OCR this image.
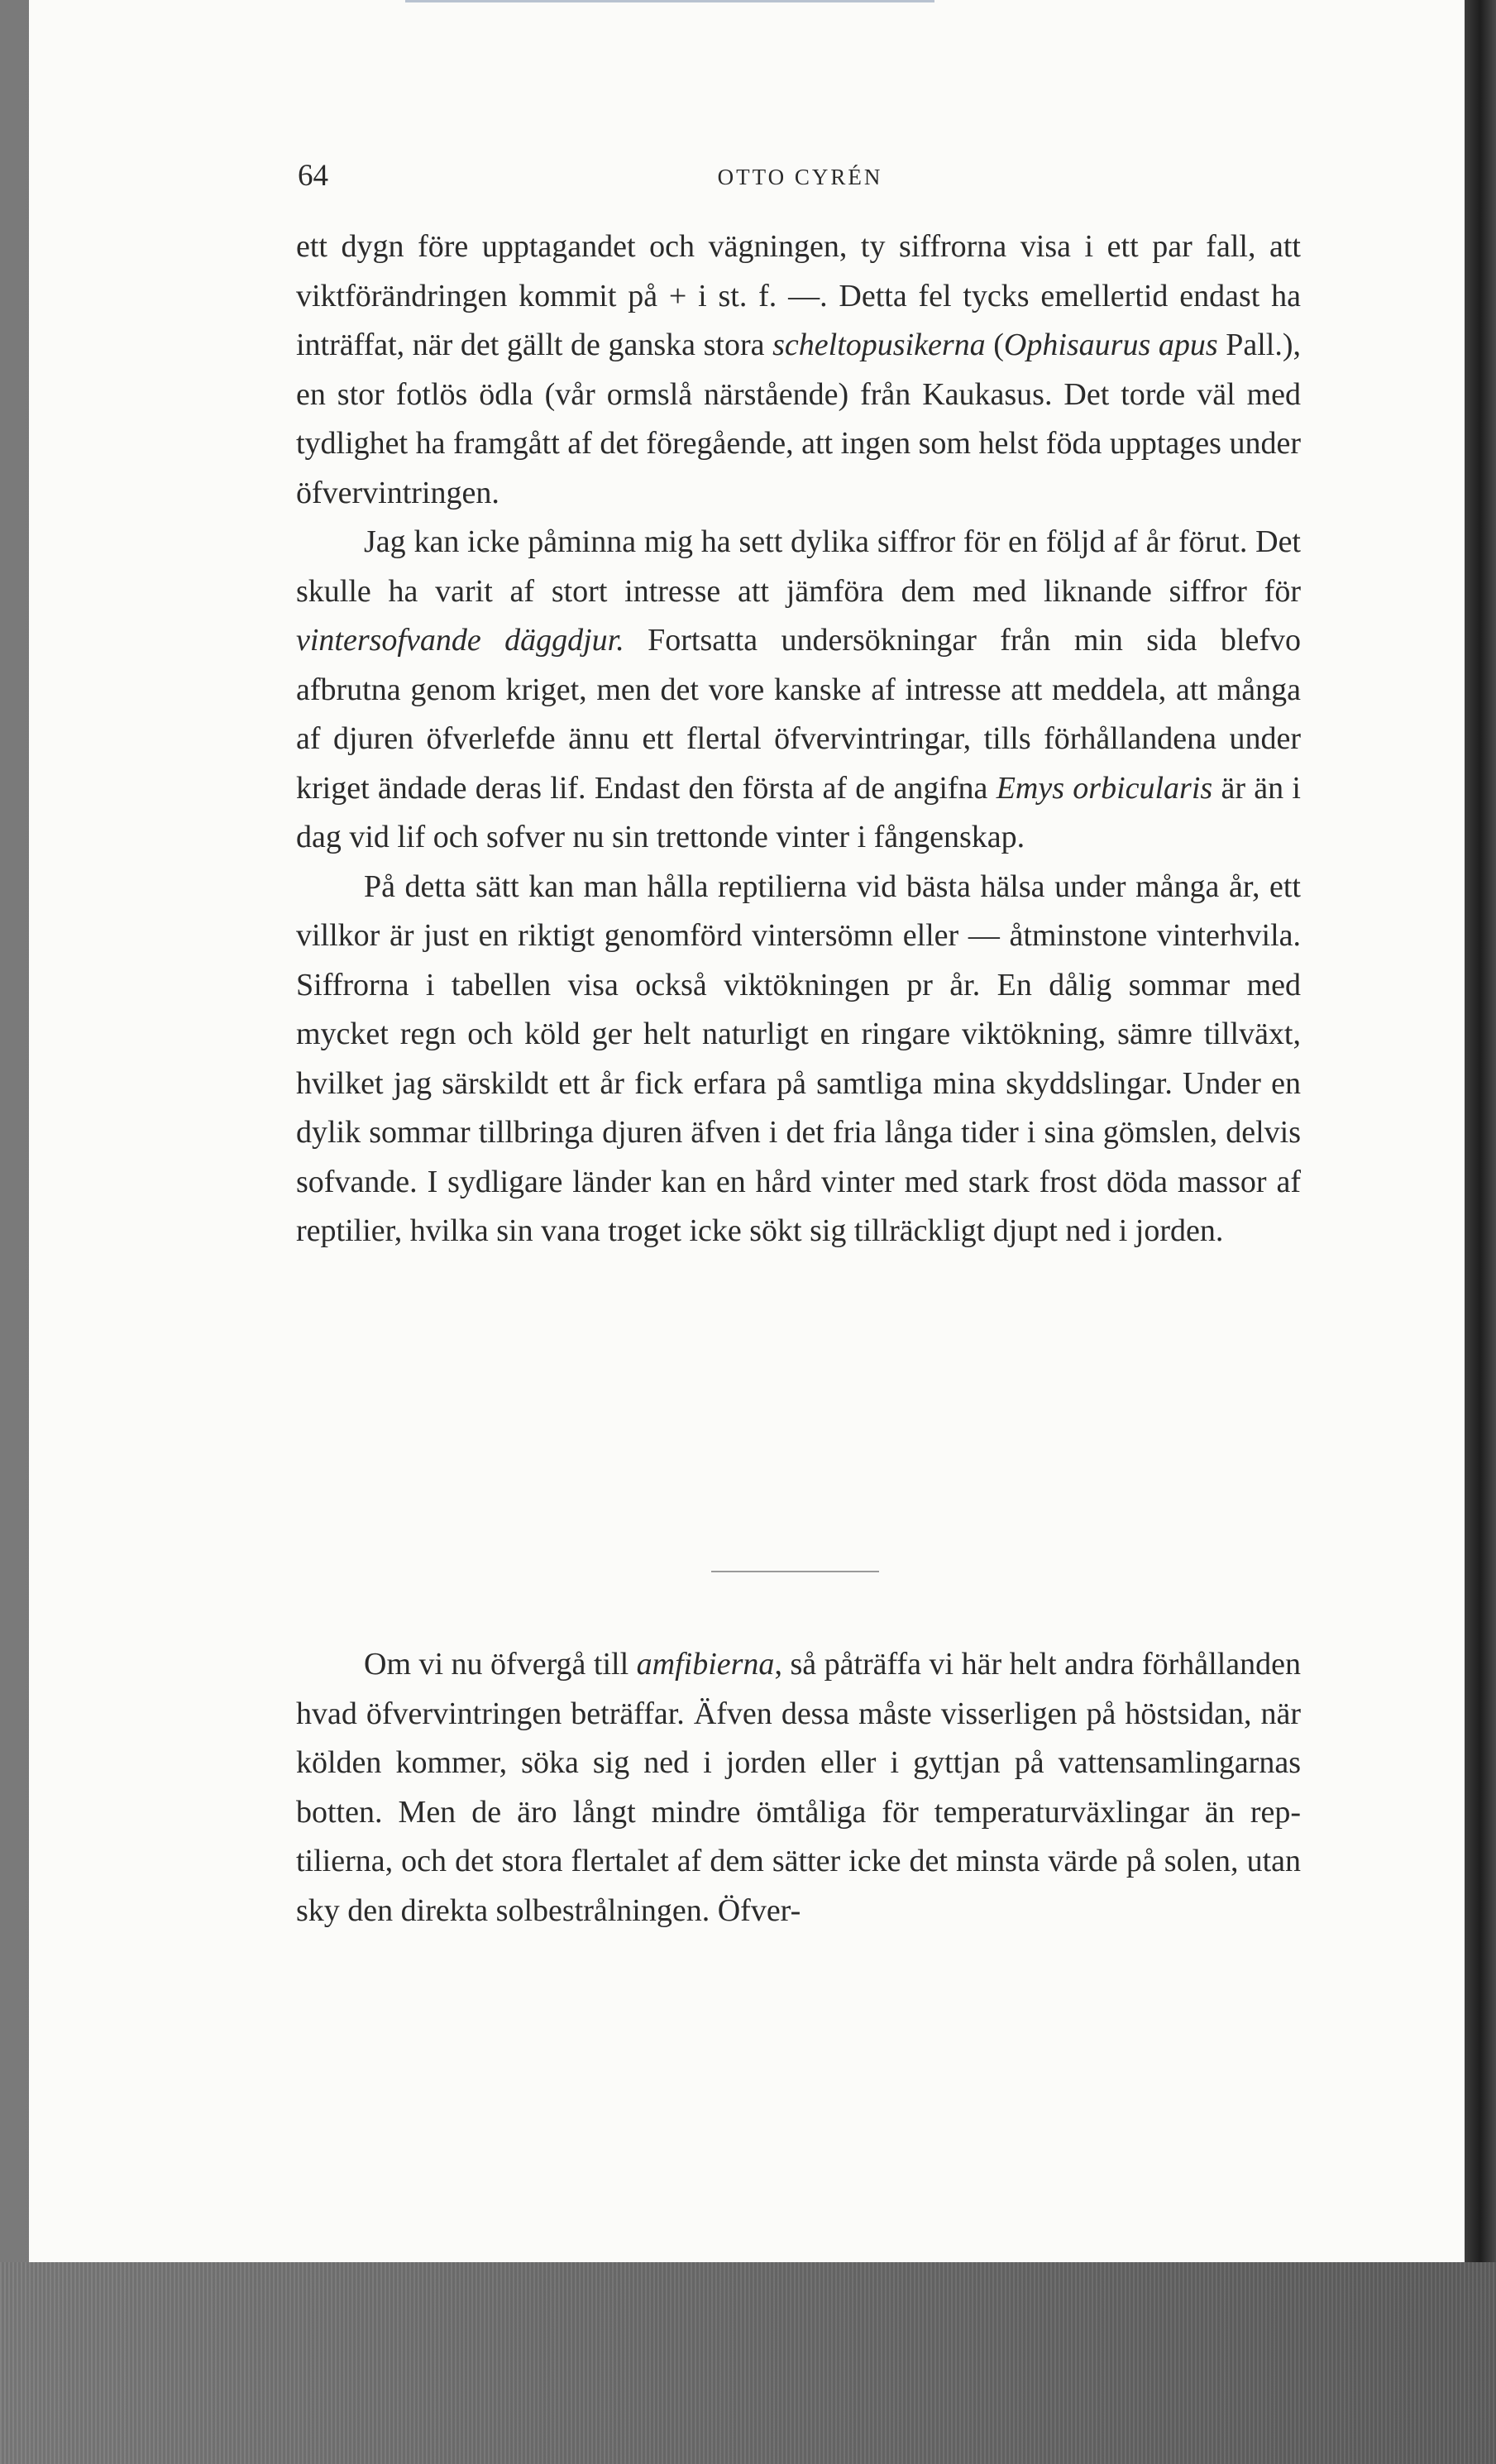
64	OTTO CYRÉN

ett dygn före upptagandet och vägningen, ty siffrorna visa i ett par fall, att viktförändringen kommit på + i st. f. —. Detta fel tycks emellertid endast ha inträffat, när det gällt de ganska stora scheltopusikerna (Ophisaurus apus Pall.), en stor fotlös ödla (vår ormslå närstående) från Kaukasus. Det torde väl med tydlighet ha framgått af det föregående, att ingen som helst föda upptages under öfvervintringen.

Jag kan icke påminna mig ha sett dylika siffror för en följd af år förut. Det skulle ha varit af stort intresse att jämföra dem med liknande siffror för vintersofvande däggdjur. Fortsatta undersökningar från min sida blefvo afbrutna genom kriget, men det vore kanske af intresse att meddela, att många af djuren öfverlefde ännu ett flertal öfvervintringar, tills förhållandena under kriget ändade deras lif. Endast den första af de angifna Emys orbicularis är än i dag vid lif och sofver nu sin trettonde vinter i fångenskap.

På detta sätt kan man hålla reptilierna vid bästa hälsa under många år, ett villkor är just en riktigt genomförd vintersömn eller — åtminstone vinterhvila. Siffrorna i tabellen visa också viktökningen pr år. En dålig sommar med mycket regn och köld ger helt naturligt en ringare viktökning, sämre tillväxt, hvilket jag särskildt ett år fick erfara på samtliga mina skyddslingar. Under en dylik sommar tillbringa djuren äfven i det fria långa tider i sina gömslen, delvis sofvande. I sydligare länder kan en hård vinter med stark frost döda massor af reptilier, hvilka sin vana troget icke sökt sig tillräckligt djupt ned i jorden.

Om vi nu öfvergå till amfibierna, så påträffa vi här helt andra förhållanden hvad öfvervintringen beträffar. Äfven dessa måste visserligen på höstsidan, när kölden kommer, söka sig ned i jorden eller i gyttjan på vattensamlingarnas botten. Men de äro långt mindre ömtåliga för temperaturväxlingar än reptilierna, och det stora flertalet af dem sätter icke det minsta värde på solen, utan sky den direkta solbestrålningen. Öfver-
